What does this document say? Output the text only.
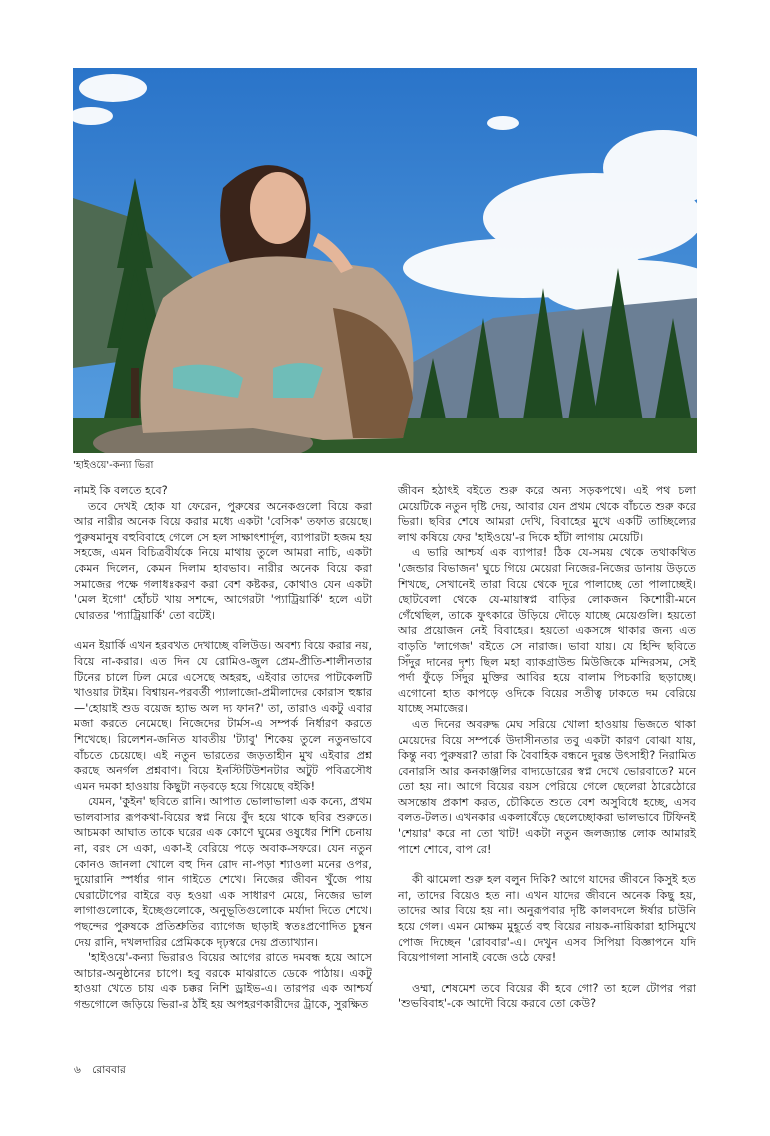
'হাইওয়ে'-কন্যা ভিরা

নামই কি বলতে হবে?

তবে দেখই হোক যা ফেরেন, পুরুষের অনেকগুলো বিয়ে করা আর নারীর অনেক বিয়ে করার মধ্যে একটা 'বেসিক' তফাত রয়েছে। পুরুষমানুষ বহুবিবাহে গেলে সে হল সাক্ষাৎশার্দূল, ব্যাপারটা হজম হয় সহজে, এমন বিচিত্রবীর্যকে নিয়ে মাথায় তুলে আমরা নাচি, একটা কেমন দিলেন, কেমন দিলাম হাবভাব। নারীর অনেক বিয়ে করা সমাজের পক্ষে গলাধঃকরণ করা বেশ কষ্টকর, কোথাও যেন একটা 'মেল ইগো' হোঁচট খায় সশব্দে, আগেরটা 'প্যাট্রিয়ার্কি' হলে এটা ঘোরতর 'প্যাট্রিয়ার্কি' তো বটেই।

এমন ইয়ার্কি এখন হরবখত দেখাচ্ছে বলিউড। অবশ্য বিয়ে করার নয়, বিয়ে না-করার। এত দিন যে রোমিও-জুল প্রেম-প্রীতি-শালীনতার টিনের চালে ঢিল মেরে এসেছে অহরহ, এইবার তাদের পাটকেলটি খাওয়ার টাইম। বিশ্বায়ন-পরবর্তী প্যালাজো-প্রমীলাদের কোরাস হুঙ্কার—'হোয়াই শুড বয়েজ হ্যাভ অল দ্য ফান?' তা, তারাও একটু এবার মজা করতে নেমেছে। নিজেদের টার্মস-এ সম্পর্ক নির্ধারণ করতে শিখেছে। রিলেশন-জনিত যাবতীয় 'ট্যাবু' শিকেয় তুলে নতুনভাবে বাঁচতে চেয়েছে। এই নতুন ভারতের জড়তাহীন মুখ এইবার প্রশ্ন করছে অনর্গল প্রশ্নবাণ। বিয়ে ইনস্টিটিউশনটার অটুট পবিত্রসৌধ এমন দমকা হাওয়ায় কিছুটা নড়বড়ে হয়ে গিয়েছে বইকি!

যেমন, 'কুইন' ছবিতে রানি। আপাত ভোলাভালা এক কন্যে, প্রথম ভালবাসার রূপকথা-বিয়ের স্বপ্ন নিয়ে বুঁদ হয়ে থাকে ছবির শুরুতে। আচমকা আঘাত তাকে ঘরের এক কোণে ঘুমের ওষুধের শিশি চেনায় না, বরং সে একা, একা-ই বেরিয়ে পড়ে অবাক-সফরে। যেন নতুন কোনও জানলা খোলে বহু দিন রোদ না-পড়া শ্যাওলা মনের ওপর, দুয়োরানি স্পর্ধার গান গাইতে শেখে। নিজের জীবন খুঁজে পায় ঘেরাটোপের বাইরে বড় হওয়া এক সাধারণ মেয়ে, নিজের ভাল লাগাগুলোকে, ইচ্ছেগুলোকে, অনুভূতিগুলোকে মর্যাদা দিতে শেখে। পছন্দের পুরুষকে প্রতিশ্রুতির ব্যাগেজ ছাড়াই স্বতঃপ্রণোদিত চুম্বন দেয় রানি, দখলদারির প্রেমিককে দৃঢ়স্বরে দেয় প্রত্যাখ্যান।

'হাইওয়ে'-কন্যা ভিরারও বিয়ের আগের রাতে দমবন্ধ হয়ে আসে আচার-অনুষ্ঠানের চাপে। হবু বরকে মাঝরাতে ডেকে পাঠায়। একটু হাওয়া খেতে চায় এক চক্কর নিশি ড্রাইভ-এ। তারপর এক আশ্চর্য গন্ডগোলে জড়িয়ে ভিরা-র ঠাঁই হয় অপহরণকারীদের ট্রাকে, সুরক্ষিত

জীবন হঠাৎই বইতে শুরু করে অন্য সড়কপথে। এই পথ চলা মেয়েটিকে নতুন দৃষ্টি দেয়, আবার যেন প্রথম থেকে বাঁচতে শুরু করে ভিরা। ছবির শেষে আমরা দেখি, বিবাহের মুখে একটি তাচ্ছিল্যের লাথ কষিয়ে ফের 'হাইওয়ে'-র দিকে হাঁটা লাগায় মেয়েটি।

এ ভারি আশ্চর্য এক ব্যাপার! ঠিক যে-সময় থেকে তথাকথিত 'জেন্ডার বিভাজন' ঘুচে গিয়ে মেয়েরা নিজের-নিজের ডানায় উড়তে শিখছে, সেখানেই তারা বিয়ে থেকে দূরে পালাচ্ছে তো পালাচ্ছেই। ছোটবেলা থেকে যে-মায়াস্বপ্ন বাড়ির লোকজন কিশোরী-মনে গেঁথেছিল, তাকে ফুৎকারে উড়িয়ে দৌড়ে যাচ্ছে মেয়েগুলি। হয়তো আর প্রয়োজন নেই বিবাহের। হয়তো একসঙ্গে থাকার জন্য এত বাড়তি 'লাগেজ' বইতে সে নারাজ। ভাবা যায়। যে হিন্দি ছবিতে সিঁদুর দানের দৃশ্য ছিল মহা ব্যাকগ্রাউন্ড মিউজিকে মন্দিরসম, সেই পর্দা ফুঁড়ে সিঁদুর মুক্তির আবির হয়ে বালাম পিচকারি ছড়াচ্ছে। এগোনো হাত কাপড়ে ওদিকে বিয়ের সতীত্ব ঢাকতে দম বেরিয়ে যাচ্ছে সমাজের।

এত দিনের অবরুদ্ধ মেঘ সরিয়ে খোলা হাওয়ায় ভিজতে থাকা মেয়েদের বিয়ে সম্পর্কে উদাসীনতার তবু একটা কারণ বোঝা যায়, কিন্তু নব্য পুরুষরা? তারা কি বৈবাহিক বন্ধনে দুরন্ত উৎসাহী? নিরামিত বেনারসি আর কনকাঞ্জলির বাদ্যডোরের স্বপ্ন দেখে ভোরবাতে? মনে তো হয় না। আগে বিয়ের বয়স পেরিয়ে গেলে ছেলেরা ঠারেঠোরে অসন্তোষ প্রকাশ করত, চৌকিতে শুতে বেশ অসুবিধে হচ্ছে, এসব বলত-টলত। এখনকার একলাষেঁড়ে ছেলেচ্ছোকরা ভালভাবে টিফিনই 'শেয়ার' করে না তো খাট! একটা নতুন জলজ্যান্ত লোক আমারই পাশে শোবে, বাপ রে!

কী ঝামেলা শুরু হল বলুন দিকি? আগে যাদের জীবনে কিসুই হত না, তাদের বিয়েও হত না। এখন যাদের জীবনে অনেক কিছু হয়, তাদের আর বিয়ে হয় না। অনুরূপবার দৃষ্টি কালবদলে ঈর্ষার চাউনি হয়ে গেল। এমন মোক্ষম মুহূর্তে বহু বিয়ের নায়ক-নায়িকারা হাসিমুখে পোজ দিচ্ছেন 'রোববার'-এ। দেখুন এসব সিপিয়া বিজ্ঞাপনে যদি বিয়েপাগলা সানাই বেজে ওঠে ফের!

ওম্মা, শেষমেশ তবে বিয়ের কী হবে গো? তা হলে টোপর পরা 'শুভবিবাহ'-কে আদৌ বিয়ে করবে তো কেউ?

৬ রোববার
